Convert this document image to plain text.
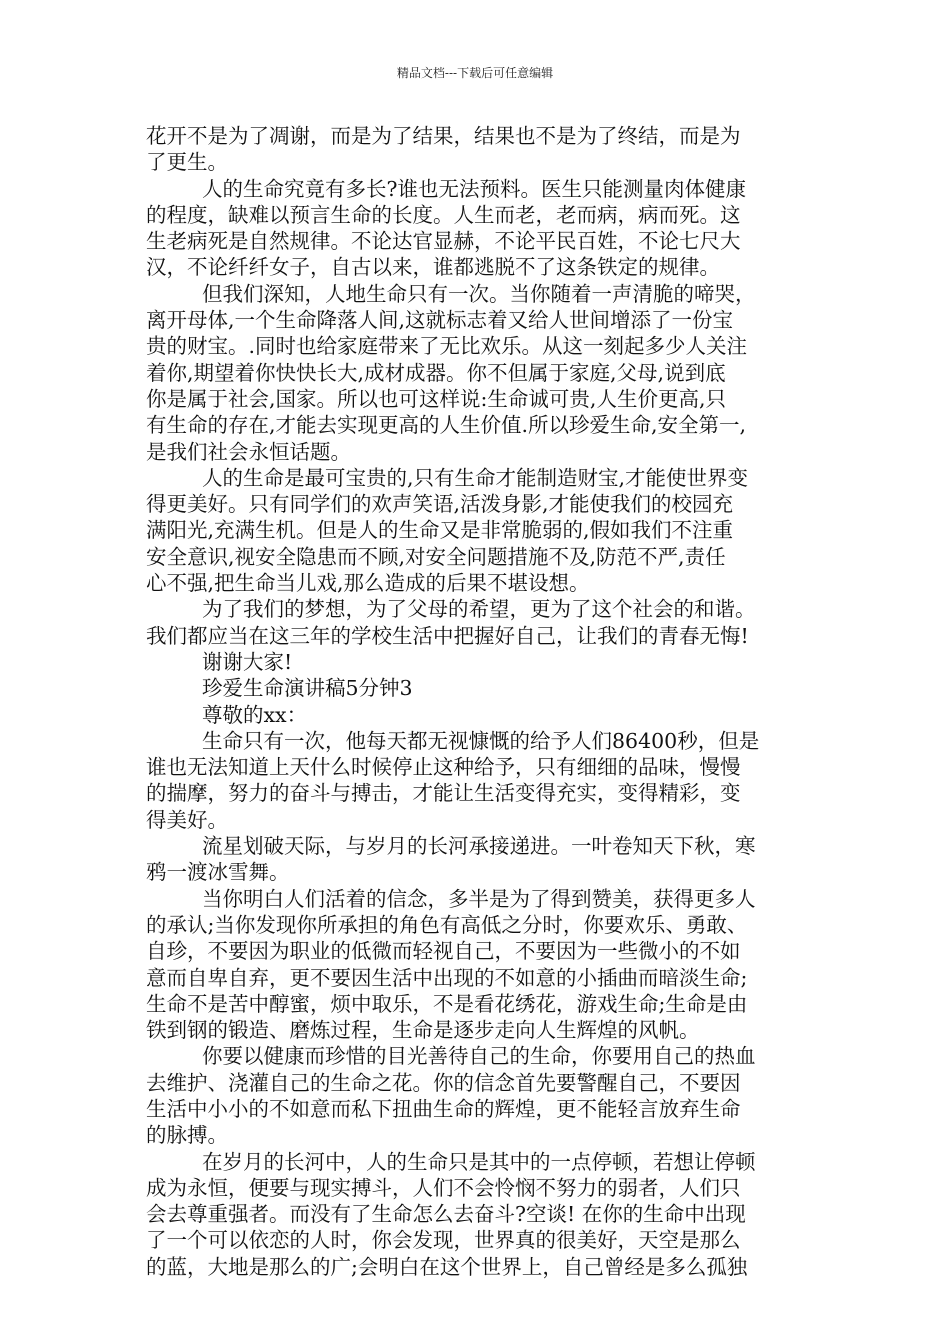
精品文档---下载后可任意编辑
花开不是为了凋谢，而是为了结果，结果也不是为了终结，而是为
了更生。
人的生命究竟有多长?谁也无法预料。医生只能测量肉体健康
的程度，缺难以预言生命的长度。人生而老，老而病，病而死。这
生老病死是自然规律。不论达官显赫，不论平民百姓，不论七尺大
汉，不论纤纤女子，自古以来，谁都逃脱不了这条铁定的规律。
但我们深知，人地生命只有一次。当你随着一声清脆的啼哭，
离开母体,一个生命降落人间,这就标志着又给人世间增添了一份宝
贵的财宝。.同时也给家庭带来了无比欢乐。从这一刻起多少人关注
着你,期望着你快快长大,成材成器。你不但属于家庭,父母,说到底
你是属于社会,国家。所以也可这样说:生命诚可贵,人生价更高,只
有生命的存在,才能去实现更高的人生价值.所以珍爱生命,安全第一,
是我们社会永恒话题。
人的生命是最可宝贵的,只有生命才能制造财宝,才能使世界变
得更美好。只有同学们的欢声笑语,活泼身影,才能使我们的校园充
满阳光,充满生机。但是人的生命又是非常脆弱的,假如我们不注重
安全意识,视安全隐患而不顾,对安全问题措施不及,防范不严,责任
心不强,把生命当儿戏,那么造成的后果不堪设想。
为了我们的梦想，为了父母的希望，更为了这个社会的和谐。
我们都应当在这三年的学校生活中把握好自己，让我们的青春无悔!
谢谢大家!
珍爱生命演讲稿5分钟3
尊敬的xx：
生命只有一次，他每天都无视慷慨的给予人们86400秒，但是
谁也无法知道上天什么时候停止这种给予，只有细细的品味，慢慢
的揣摩，努力的奋斗与搏击，才能让生活变得充实，变得精彩，变
得美好。
流星划破天际，与岁月的长河承接递进。一叶卷知天下秋，寒
鸦一渡冰雪舞。
当你明白人们活着的信念，多半是为了得到赞美，获得更多人
的承认;当你发现你所承担的角色有高低之分时，你要欢乐、勇敢、
自珍，不要因为职业的低微而轻视自己，不要因为一些微小的不如
意而自卑自弃，更不要因生活中出现的不如意的小插曲而暗淡生命;
生命不是苦中醇蜜，烦中取乐，不是看花绣花，游戏生命;生命是由
铁到钢的锻造、磨炼过程，生命是逐步走向人生辉煌的风帆。
你要以健康而珍惜的目光善待自己的生命，你要用自己的热血
去维护、浇灌自己的生命之花。你的信念首先要警醒自己，不要因
生活中小小的不如意而私下扭曲生命的辉煌，更不能轻言放弃生命
的脉搏。
在岁月的长河中，人的生命只是其中的一点停顿，若想让停顿
成为永恒，便要与现实搏斗，人们不会怜悯不努力的弱者，人们只
会去尊重强者。而没有了生命怎么去奋斗?空谈! 在你的生命中出现
了一个可以依恋的人时，你会发现，世界真的很美好，天空是那么
的蓝，大地是那么的广;会明白在这个世界上，自己曾经是多么孤独
